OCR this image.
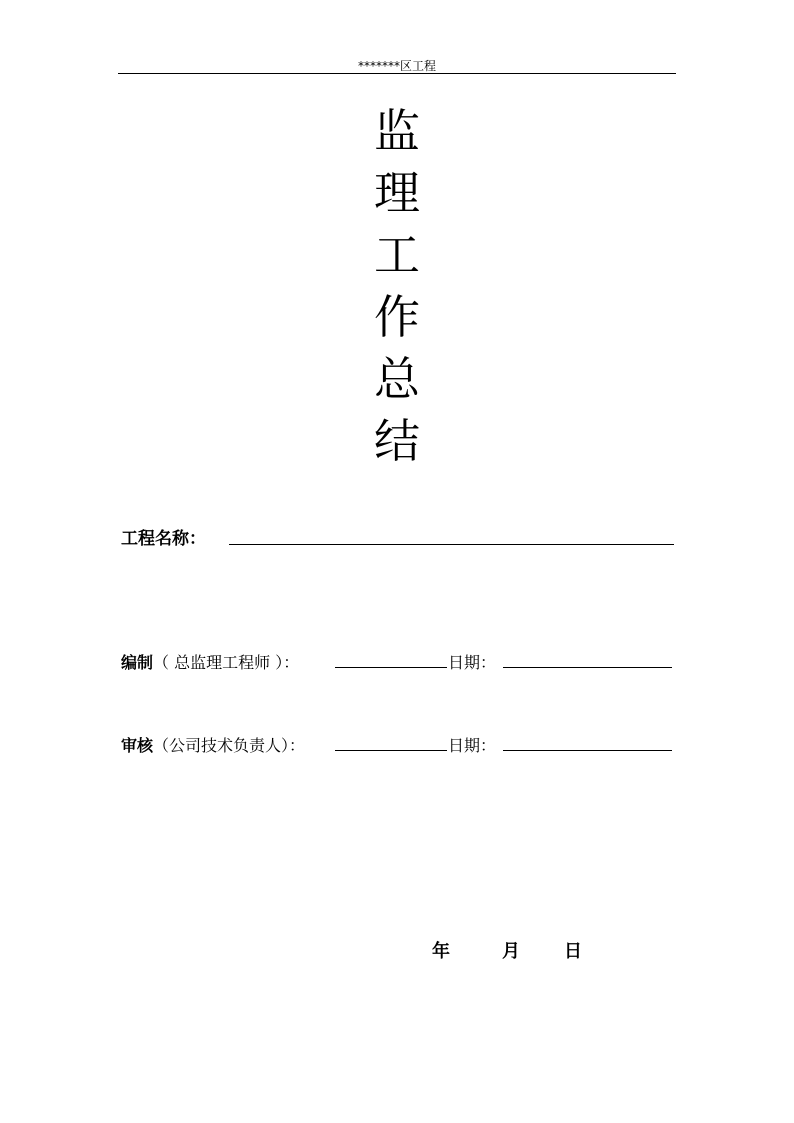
*******区工程
监
理
工
作
总
结
工程名称：
编制（ 总监理工程师 ）：	日期：
审核（公司技术负责人）：	日期：
年	月 日
